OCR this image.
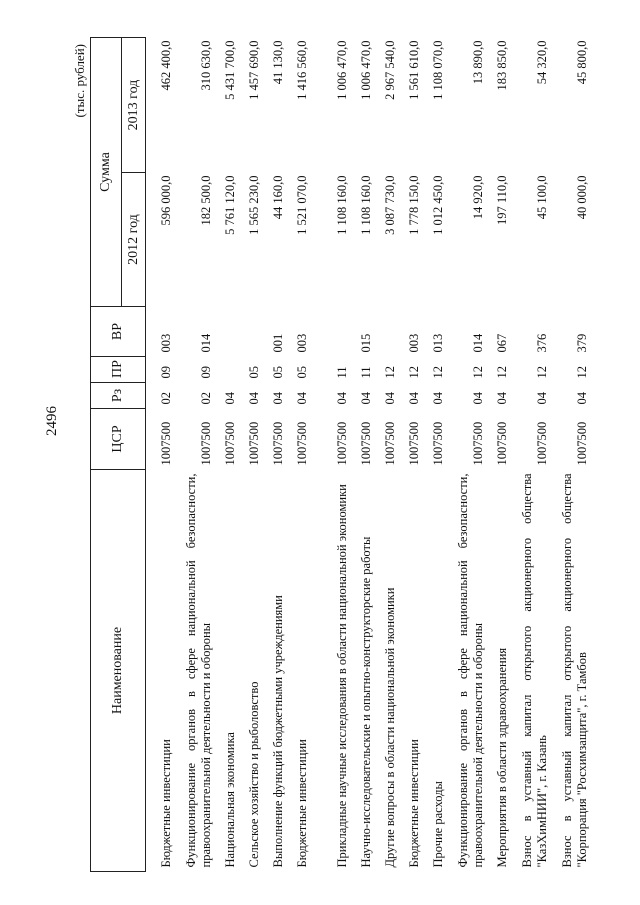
2496
(тыс. рублей)
Наименование	ЦСР	Рз	ПР	ВР	Сумма	
					2012 год	2013 год
Бюджетные инвестиции	1007500	02	09	003	596 000,0	462 400,0
Функционирование органов в сфере национальной безопасности, правоохранительной деятельности и обороны	1007500	02	09	014	182 500,0	310 630,0
Национальная экономика	1007500	04			5 761 120,0	5 431 700,0
Сельское хозяйство и рыболовство	1007500	04	05		1 565 230,0	1 457 690,0
Выполнение функций бюджетными учреждениями	1007500	04	05	001	44 160,0	41 130,0
Бюджетные инвестиции	1007500	04	05	003	1 521 070,0	1 416 560,0
Прикладные научные исследования в области национальной экономики	1007500	04	11		1 108 160,0	1 006 470,0
Научно-исследовательские и опытно-конструкторские работы	1007500	04	11	015	1 108 160,0	1 006 470,0
Другие вопросы в области национальной экономики	1007500	04	12		3 087 730,0	2 967 540,0
Бюджетные инвестиции	1007500	04	12	003	1 778 150,0	1 561 610,0
Прочие расходы	1007500	04	12	013	1 012 450,0	1 108 070,0
Функционирование органов в сфере национальной безопасности, правоохранительной деятельности и обороны	1007500	04	12	014	14 920,0	13 890,0
Мероприятия в области здравоохранения	1007500	04	12	067	197 110,0	183 850,0
Взнос в уставный капитал открытого акционерного общества "КазХимНИИ", г. Казань	1007500	04	12	376	45 100,0	54 320,0
Взнос в уставный капитал открытого акционерного общества "Корпорация "Росхимзащита", г. Тамбов	1007500	04	12	379	40 000,0	45 800,0
